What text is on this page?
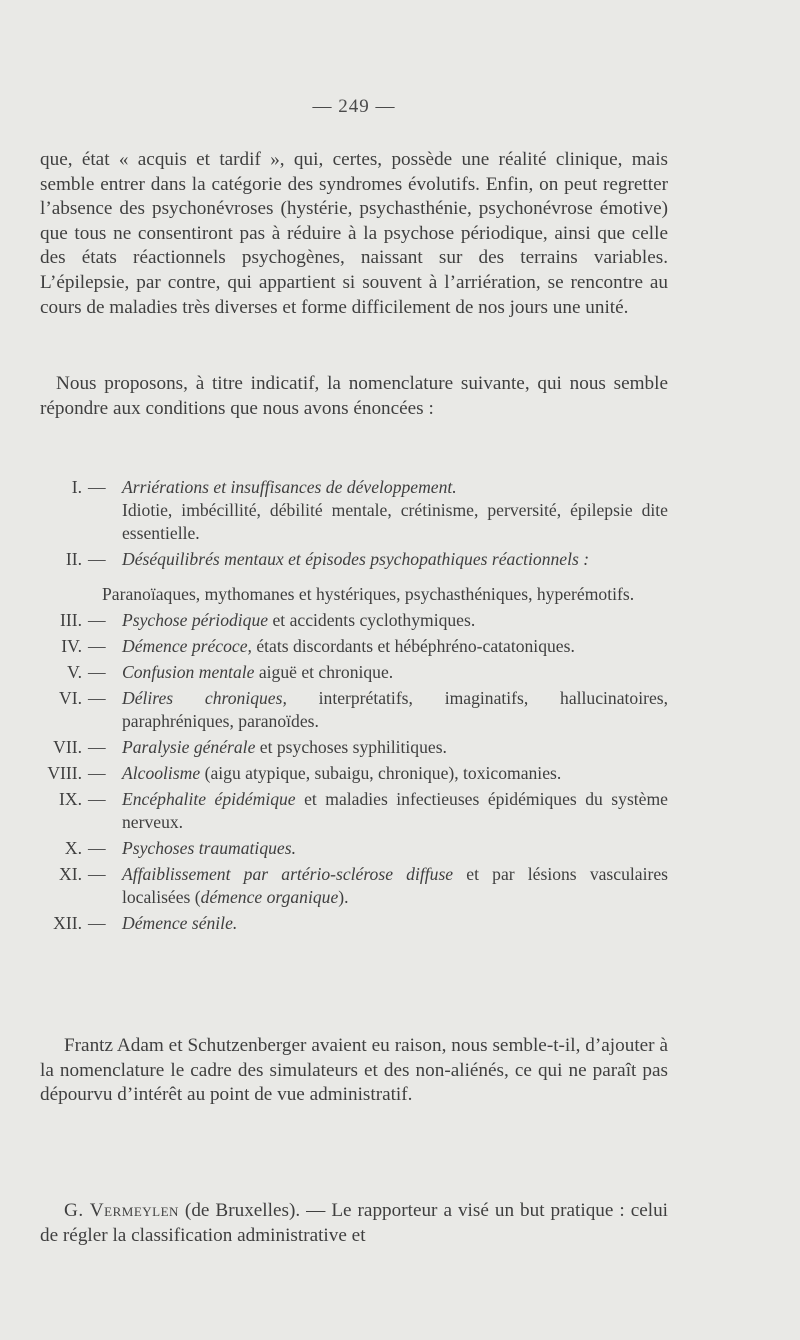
— 249 —

que, état « acquis et tardif », qui, certes, possède une réalité clinique, mais semble entrer dans la catégorie des syndromes évolutifs. Enfin, on peut regretter l’absence des psychonévroses (hystérie, psychasthénie, psychonévrose émotive) que tous ne consentiront pas à réduire à la psychose périodique, ainsi que celle des états réactionnels psychogènes, naissant sur des terrains variables. L’épilepsie, par contre, qui appartient si souvent à l’arriération, se rencontre au cours de maladies très diverses et forme difficilement de nos jours une unité.

Nous proposons, à titre indicatif, la nomenclature suivante, qui nous semble répondre aux conditions que nous avons énoncées :

I. — Arriérations et insuffisances de développement.
Idiotie, imbécillité, débilité mentale, crétinisme, perversité, épilepsie dite essentielle.
II. — Déséquilibrés mentaux et épisodes psychopathiques réactionnels :
Paranoïaques, mythomanes et hystériques, psychasthéniques, hyperémotifs.
III. — Psychose périodique et accidents cyclothymiques.
IV. — Démence précoce, états discordants et hébéphréno-catatoniques.
V. — Confusion mentale aiguë et chronique.
VI. — Délires chroniques, interprétatifs, imaginatifs, hallucinatoires, paraphréniques, paranoïdes.
VII. — Paralysie générale et psychoses syphilitiques.
VIII. — Alcoolisme (aigu atypique, subaigu, chronique), toxicomanies.
IX. — Encéphalite épidémique et maladies infectieuses épidémiques du système nerveux.
X. — Psychoses traumatiques.
XI. — Affaiblissement par artério-sclérose diffuse et par lésions vasculaires localisées (démence organique).
XII. — Démence sénile.

Frantz Adam et Schutzenberger avaient eu raison, nous semble-t-il, d’ajouter à la nomenclature le cadre des simulateurs et des non-aliénés, ce qui ne paraît pas dépourvu d’intérêt au point de vue administratif.

G. Vermeylen (de Bruxelles). — Le rapporteur a visé un but pratique : celui de régler la classification administrative et
